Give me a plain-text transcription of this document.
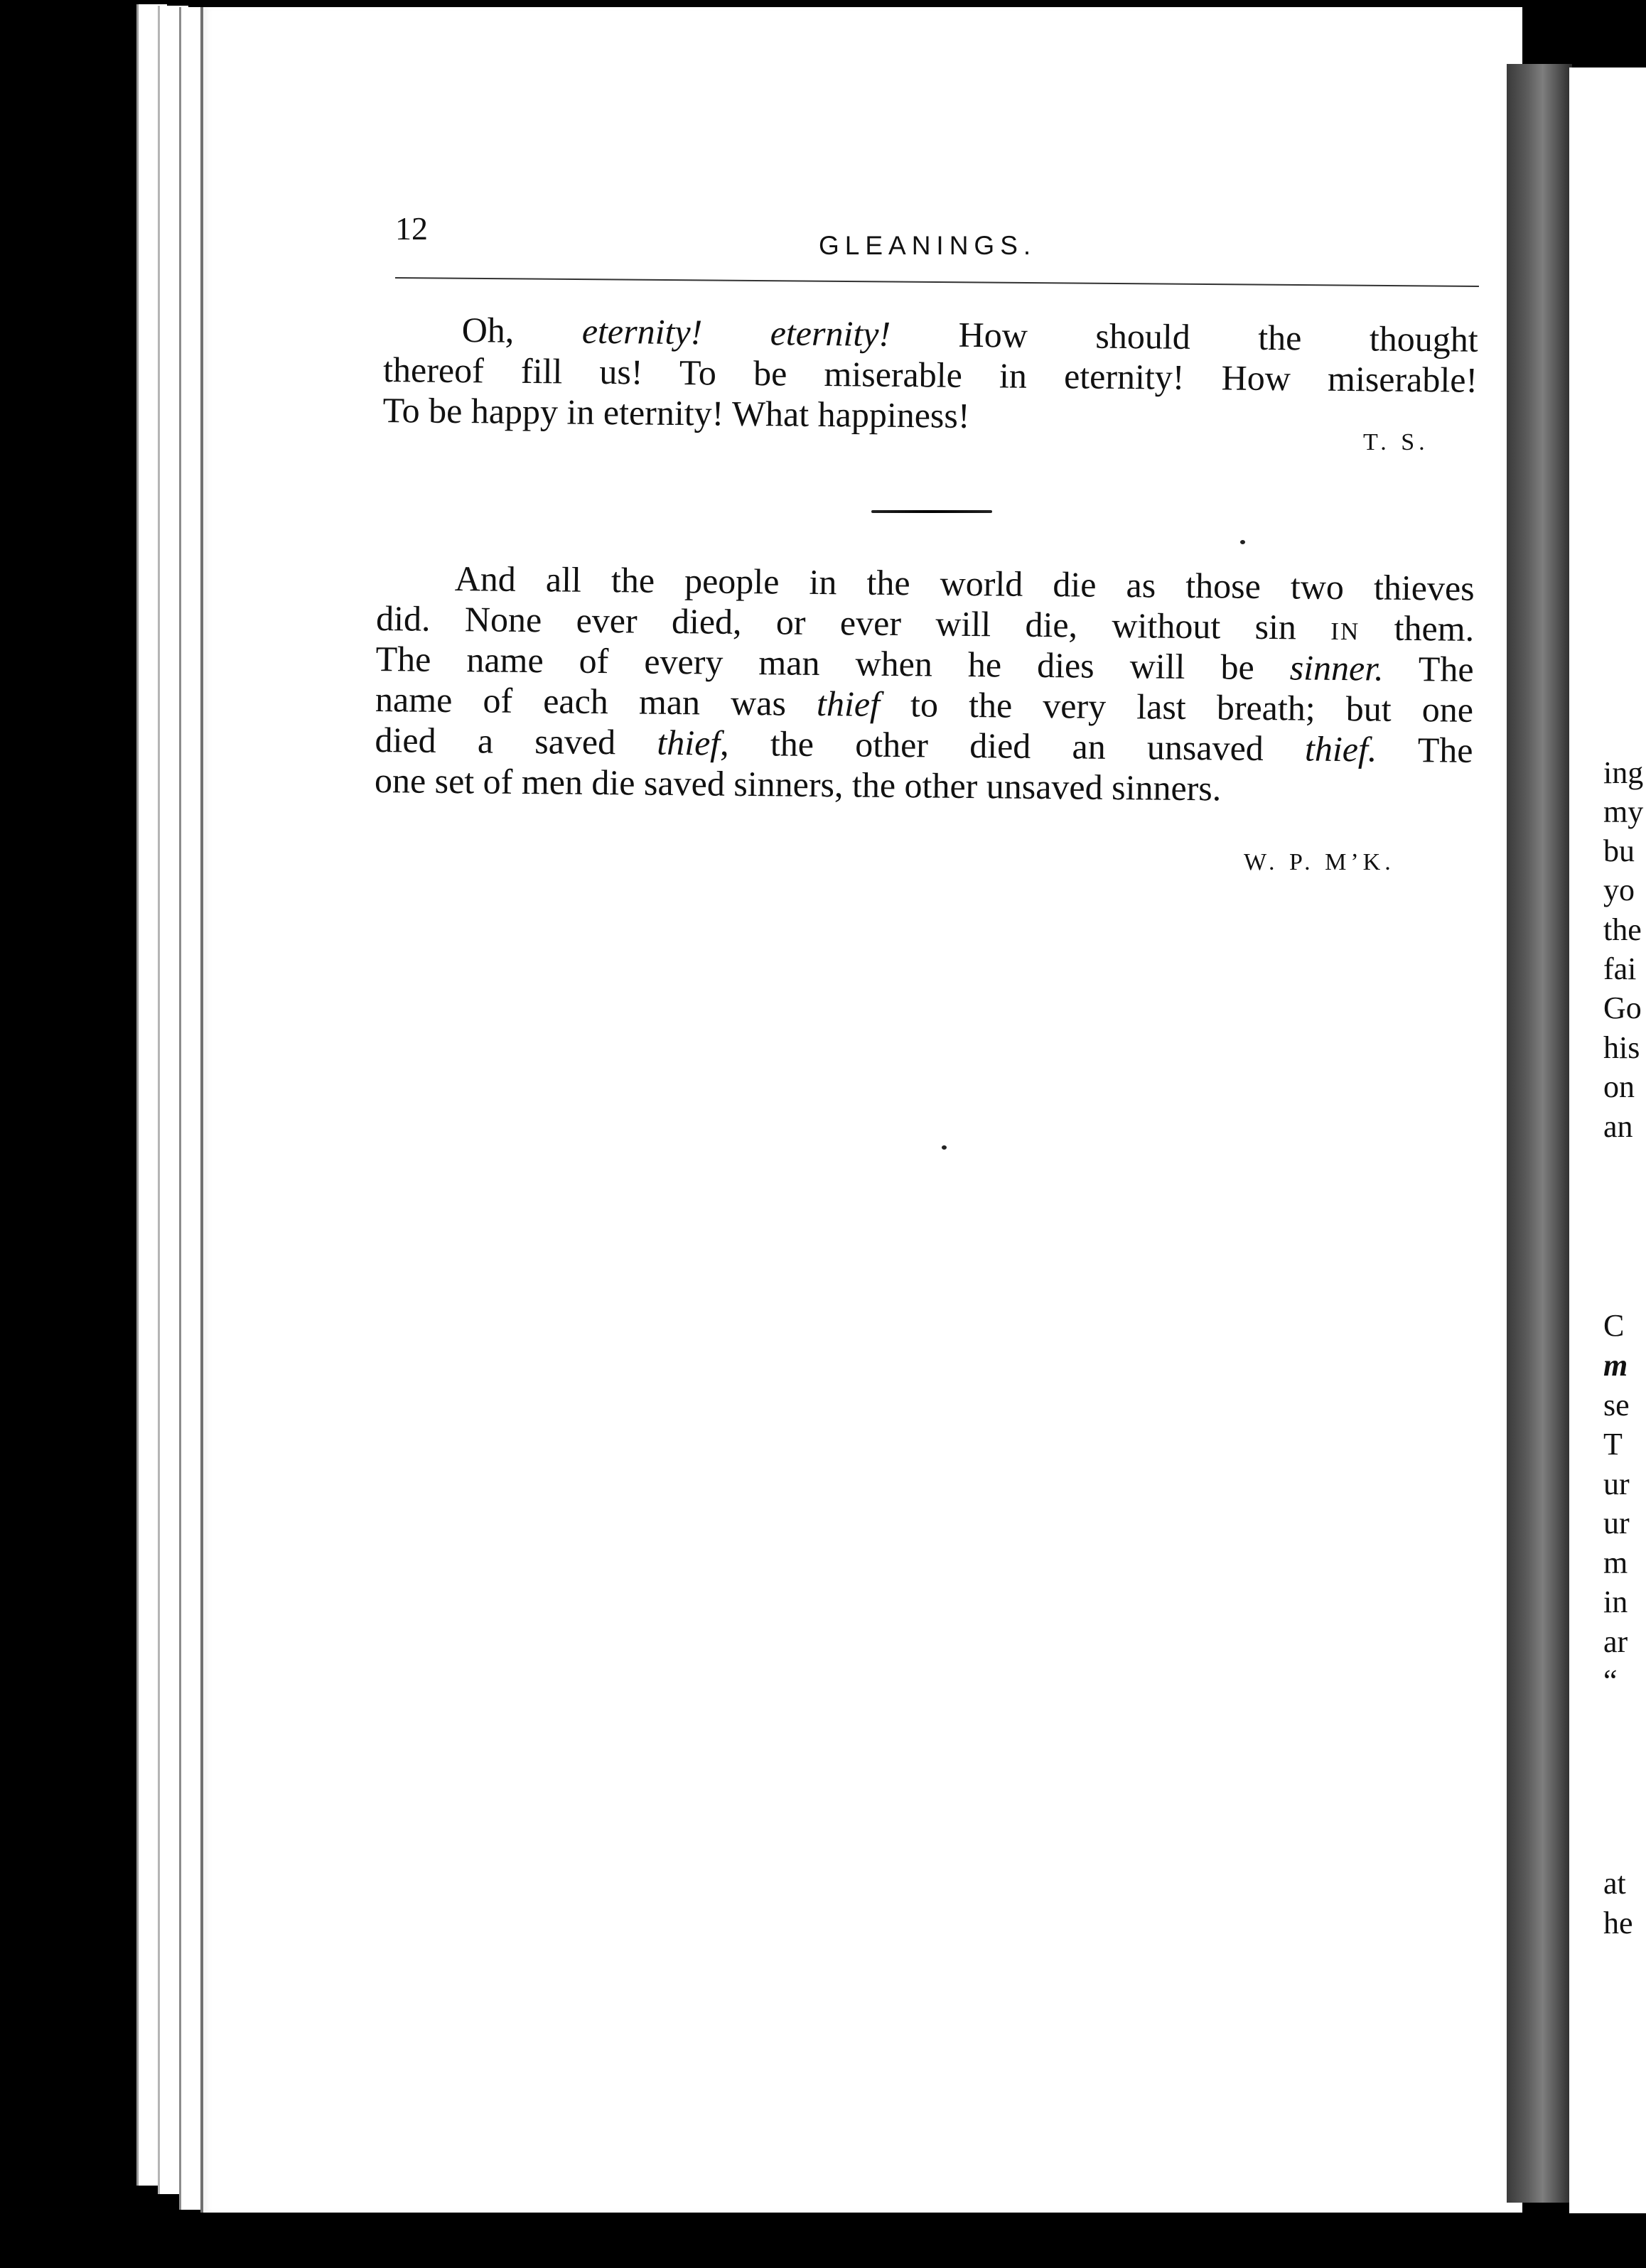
ing
my
bu
yo
the
fai
Go
his
on
an
C
m
se
T
ur
ur
m
in
ar
“
at
he
12	GLEANINGS.
Oh, eternity! eternity! How should the thought
thereof fill us! To be miserable in eternity! How miserable!
To be happy in eternity! What happiness!
T. S.
And all the people in the world die as those two thieves
did. None ever died, or ever will die, without sin in them.
The name of every man when he dies will be sinner. The
name of each man was thief to the very last breath; but one
died a saved thief, the other died an unsaved thief. The
one set of men die saved sinners, the other unsaved sinners.
W. P. M’K.
